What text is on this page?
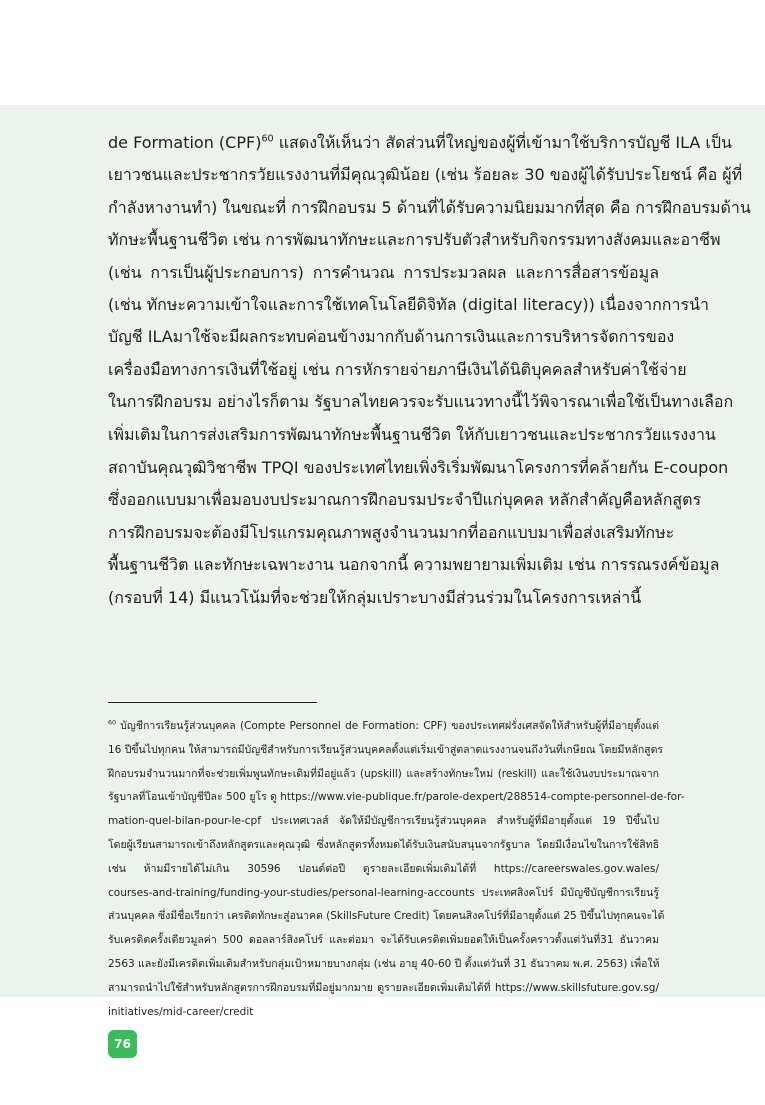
de Formation (CPF)$^{60}$ แสดงให้เห็นว่า สัดส่วนที่ใหญ่ของผู้ที่เข้ามาใช้บริการบัญชี ILA เป็น
เยาวชนและประชากรวัยแรงงานที่มีคุณวุฒิน้อย (เช่น ร้อยละ 30 ของผู้ได้รับประโยชน์ คือ ผู้ที่
กำลังหางานทำ) ในขณะที่ การฝึกอบรม 5 ด้านที่ได้รับความนิยมมากที่สุด คือ การฝึกอบรมด้าน
ทักษะพื้นฐานชีวิต เช่น การพัฒนาทักษะและการปรับตัวสำหรับกิจกรรมทางสังคมและอาชีพ
(เช่น การเป็นผู้ประกอบการ) การคำนวณ การประมวลผล และการสื่อสารข้อมูล
(เช่น ทักษะความเข้าใจและการใช้เทคโนโลยีดิจิทัล (digital literacy)) เนื่องจากการนำ
บัญชี ILAมาใช้จะมีผลกระทบค่อนข้างมากกับด้านการเงินและการบริหารจัดการของ
เครื่องมือทางการเงินที่ใช้อยู่ เช่น การหักรายจ่ายภาษีเงินได้นิติบุคคลสำหรับค่าใช้จ่าย
ในการฝึกอบรม อย่างไรก็ตาม รัฐบาลไทยควรจะรับแนวทางนี้ไว้พิจารณาเพื่อใช้เป็นทางเลือก
เพิ่มเติมในการส่งเสริมการพัฒนาทักษะพื้นฐานชีวิต ให้กับเยาวชนและประชากรวัยแรงงาน
สถาบันคุณวุฒิวิชาชีพ TPQI ของประเทศไทยเพิ่งริเริ่มพัฒนาโครงการที่คล้ายกัน E-coupon
ซึ่งออกแบบมาเพื่อมอบงบประมาณการฝึกอบรมประจำปีแก่บุคคล หลักสำคัญคือหลักสูตร
การฝึกอบรมจะต้องมีโปรแกรมคุณภาพสูงจำนวนมากที่ออกแบบมาเพื่อส่งเสริมทักษะ
พื้นฐานชีวิต และทักษะเฉพาะงาน นอกจากนี้ ความพยายามเพิ่มเติม เช่น การรณรงค์ข้อมูล
(กรอบที่ 14) มีแนวโน้มที่จะช่วยให้กลุ่มเปราะบางมีส่วนร่วมในโครงการเหล่านี้
$^{60}$ บัญชีการเรียนรู้ส่วนบุคคล (Compte Personnel de Formation: CPF) ของประเทศฝรั่งเศสจัดให้สำหรับผู้ที่มีอายุตั้งแต่
16 ปีขึ้นไปทุกคน ให้สามารถมีบัญชีสำหรับการเรียนรู้ส่วนบุคคลตั้งแต่เริ่มเข้าสู่ตลาดแรงงานจนถึงวันที่เกษียณ โดยมีหลักสูตร
ฝึกอบรมจำนวนมากที่จะช่วยเพิ่มพูนทักษะเดิมที่มีอยู่แล้ว (upskill) และสร้างทักษะใหม่ (reskill) และใช้เงินงบประมาณจาก
รัฐบาลที่โอนเข้าบัญชีปีละ 500 ยูโร ดู https://www.vie-publique.fr/parole-dexpert/288514-compte-personnel-de-for-
mation-quel-bilan-pour-le-cpf ประเทศเวลส์ จัดให้มีบัญชีการเรียนรู้ส่วนบุคคล สำหรับผู้ที่มีอายุตั้งแต่ 19 ปีขึ้นไป
โดยผู้เรียนสามารถเข้าถึงหลักสูตรและคุณวุฒิ ซึ่งหลักสูตรทั้งหมดได้รับเงินสนับสนุนจากรัฐบาล โดยมีเงื่อนไขในการใช้สิทธิ
เช่น ห้ามมีรายได้ไม่เกิน 30596 ปอนด์ต่อปี ดูรายละเอียดเพิ่มเติมได้ที่ https://careerswales.gov.wales/
courses-and-training/funding-your-studies/personal-learning-accounts ประเทศสิงคโปร์ มีบัญชีบัญชีการเรียนรู้
ส่วนบุคคล ซึ่งมีชื่อเรียกว่า เครดิตทักษะสู่อนาคต (SkillsFuture Credit) โดยคนสิงคโปร์ที่มีอายุตั้งแต่ 25 ปีขึ้นไปทุกคนจะได้
รับเครดิตครั้งเดียวมูลค่า 500 ดอลลาร์สิงคโปร์ และต่อมา จะได้รับเครดิตเพิ่มยอดให้เป็นครั้งคราวตั้งแต่วันที่31 ธันวาคม
2563 และยังมีเครดิตเพิ่มเติมสำหรับกลุ่มเป้าหมายบางกลุ่ม (เช่น อายุ 40-60 ปี ตั้งแต่วันที่ 31 ธันวาคม พ.ศ. 2563) เพื่อให้
สามารถนำไปใช้สำหรับหลักสูตรการฝึกอบรมที่มีอยู่มากมาย ดูรายละเอียดเพิ่มเติมได้ที่ https://www.skillsfuture.gov.sg/
initiatives/mid-career/credit
76
